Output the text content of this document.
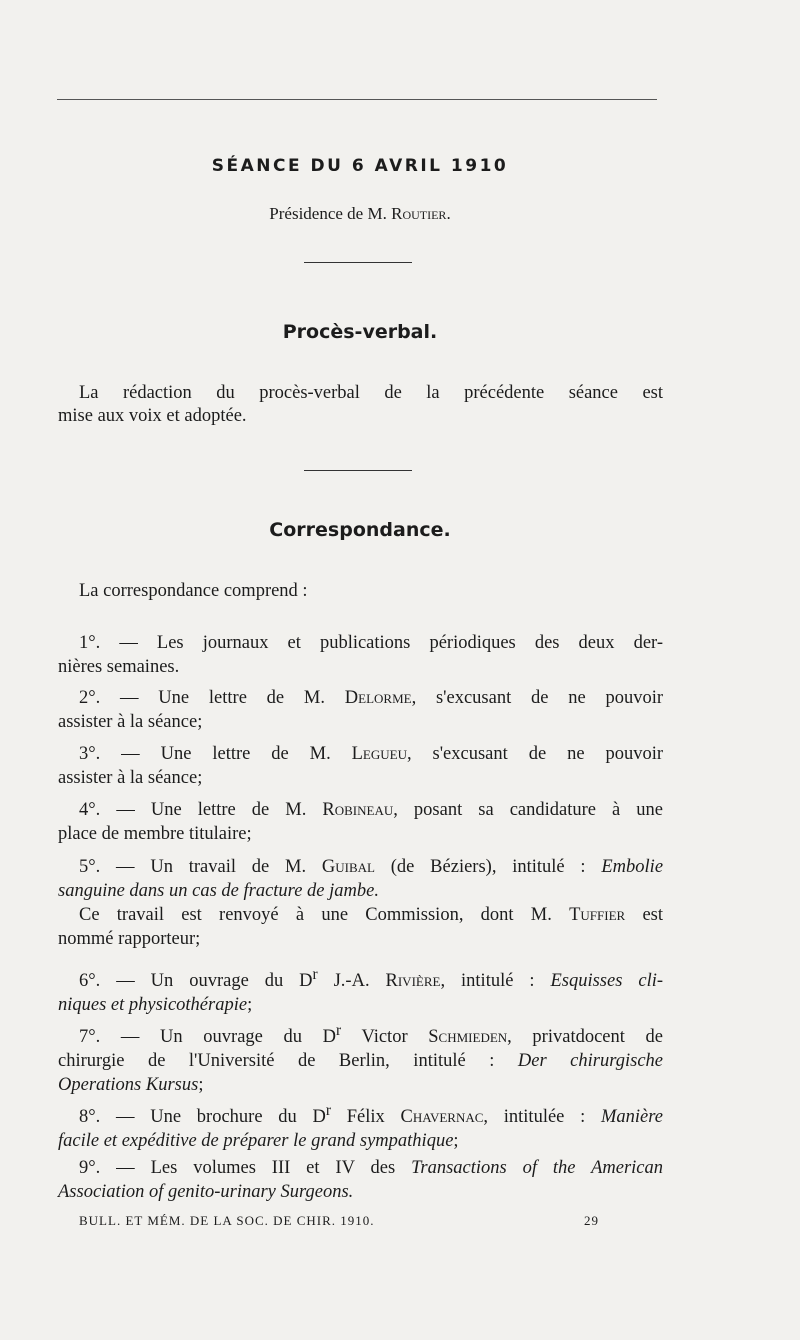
SÉANCE DU 6 AVRIL 1910
Présidence de M. Routier.
Procès-verbal.
La rédaction du procès-verbal de la précédente séance est
mise aux voix et adoptée.
Correspondance.
La correspondance comprend :
1°. — Les journaux et publications périodiques des deux der-
nières semaines.
2°. — Une lettre de M. Delorme, s'excusant de ne pouvoir
assister à la séance;
3°. — Une lettre de M. Legueu, s'excusant de ne pouvoir
assister à la séance;
4°. — Une lettre de M. Robineau, posant sa candidature à une
place de membre titulaire;
5°. — Un travail de M. Guibal (de Béziers), intitulé : Embolie
sanguine dans un cas de fracture de jambe.
Ce travail est renvoyé à une Commission, dont M. Tuffier est
nommé rapporteur;
6°. — Un ouvrage du $D^r$ J.-A. Rivière, intitulé : Esquisses cli-
niques et physicothérapie;
7°. — Un ouvrage du $D^r$ Victor Schmieden, privatdocent de
chirurgie de l'Université de Berlin, intitulé : Der chirurgische
Operations Kursus;
8°. — Une brochure du $D^r$ Félix Chavernac, intitulée : Manière
facile et expéditive de préparer le grand sympathique;
9°. — Les volumes III et IV des Transactions of the American
Association of genito-urinary Surgeons.
BULL. ET MÉM. DE LA SOC. DE CHIR. 1910.	29
